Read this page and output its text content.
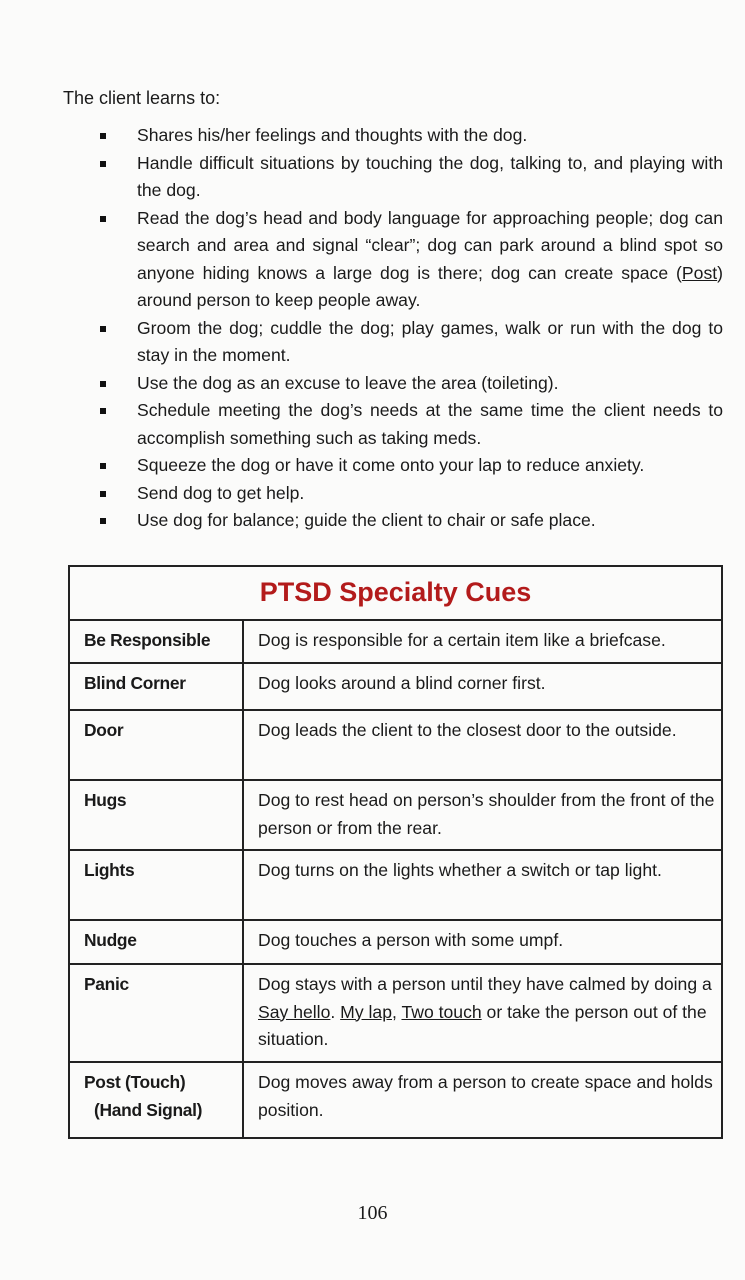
The client learns to:
Shares his/her feelings and thoughts with the dog.
Handle difficult situations by touching the dog, talking to, and playing with the dog.
Read the dog’s head and body language for approaching people; dog can search and area and signal “clear”; dog can park around a blind spot so anyone hiding knows a large dog is there; dog can create space (Post) around person to keep people away.
Groom the dog; cuddle the dog; play games, walk or run with the dog to stay in the moment.
Use the dog as an excuse to leave the area (toileting).
Schedule meeting the dog’s needs at the same time the client needs to accomplish something such as taking meds.
Squeeze the dog or have it come onto your lap to reduce anxiety.
Send dog to get help.
Use dog for balance; guide the client to chair or safe place.
PTSD Specialty Cues	
Be Responsible	Dog is responsible for a certain item like a briefcase.
Blind Corner	Dog looks around a blind corner first.
Door	Dog leads the client to the closest door to the outside.
Hugs	Dog to rest head on person’s shoulder from the front of the person or from the rear.
Lights	Dog turns on the lights whether a switch or tap light.
Nudge	Dog touches a person with some umpf.
Panic	Dog stays with a person until they have calmed by doing a Say hello. My lap, Two touch or take the person out of the situation.

Post (Touch)
(Hand Signal)	Dog moves away from a person to create space and holds position.
106
